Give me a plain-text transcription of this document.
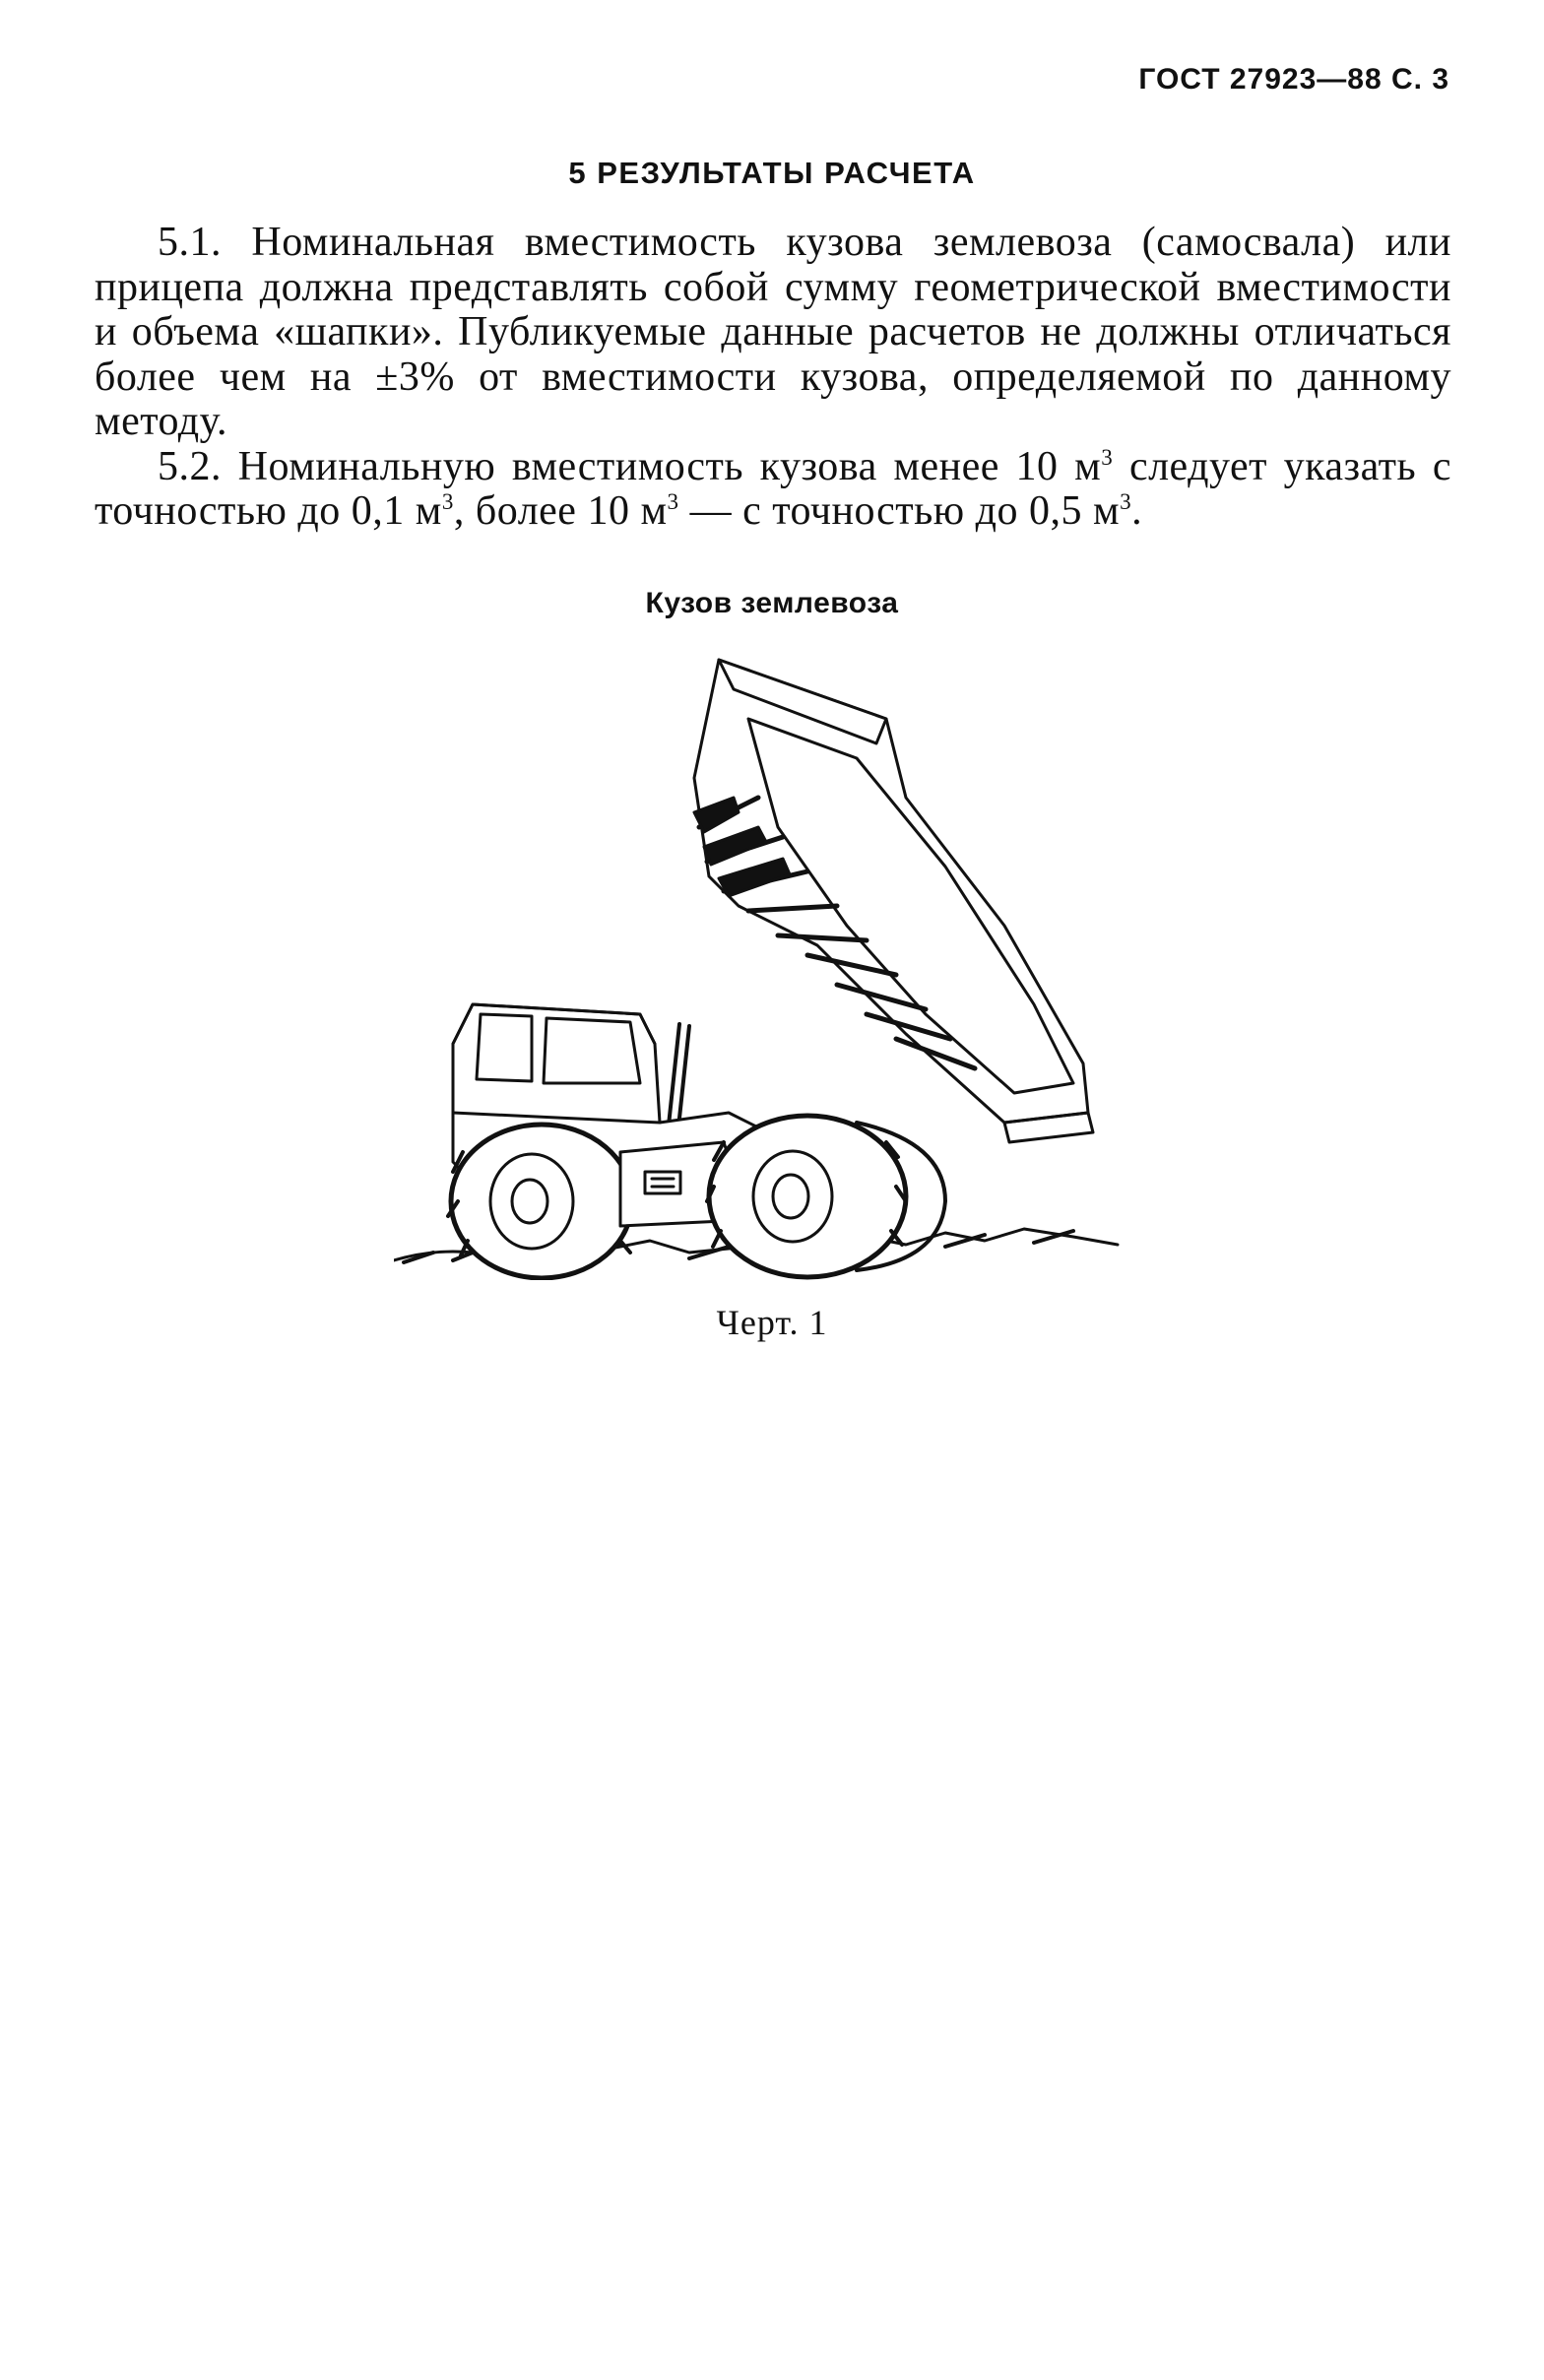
ГОСТ 27923—88 С. 3
5 РЕЗУЛЬТАТЫ РАСЧЕТА

5.1. Номинальная вместимость кузова землевоза (самосвала) или прицепа должна представлять собой сумму геометрической вместимости и объема «шапки». Публикуемые данные расчетов не должны отличаться более чем на ±3% от вместимости кузова, определяемой по данному методу.

5.2. Номинальную вместимость кузова менее 10 $м^3$ следует указать с точностью до 0,1 $м^3$, более 10 $м^3$ — с точностью до 0,5 $м^3$.

Кузов землевоза
Черт. 1
